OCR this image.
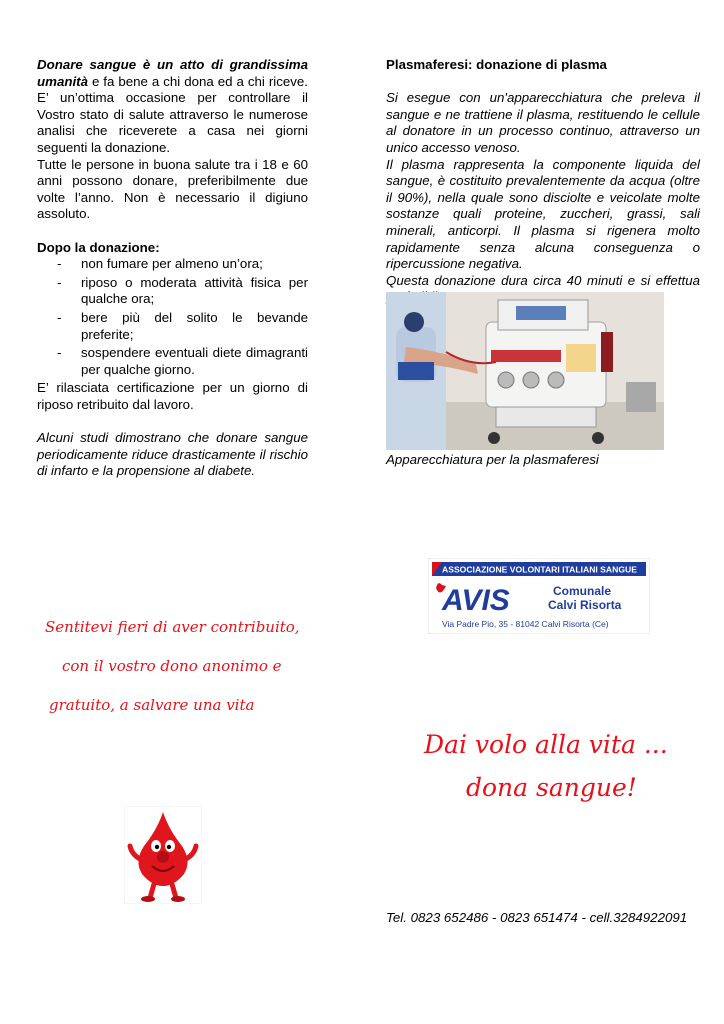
Donare sangue è un atto di grandissima umanità e fa bene a chi dona ed a chi riceve. E’ un’ottima occasione per controllare il Vostro stato di salute attraverso le numerose analisi che riceverete a casa nei giorni seguenti la donazione.

Tutte le persone in buona salute tra i 18 e 60 anni possono donare, preferibilmente due volte l’anno. Non è necessario il digiuno assoluto.

Dopo la donazione:

- non fumare per almeno un’ora;
- riposo o moderata attività fisica per qualche ora;
- bere più del solito le bevande preferite;
- sospendere eventuali diete dimagranti per qualche giorno.

E’ rilasciata certificazione per un giorno di riposo retribuito dal lavoro.

Alcuni studi dimostrano che donare sangue periodicamente riduce drasticamente il rischio di infarto e la propensione al diabete.

Plasmaferesi: donazione di plasma

Si esegue con un'apparecchiatura che preleva il sangue e ne trattiene il plasma, restituendo le cellule al donatore in un processo continuo, attraverso un unico accesso venoso.

Il plasma rappresenta la componente liquida del sangue, è costituito prevalentemente da acqua (oltre il 90%), nella quale sono disciolte e veicolate molte sostanze quali proteine, zuccheri, grassi, sali minerali, anticorpi. Il plasma si rigenera molto rapidamente senza alcuna conseguenza o ripercussione negativa.

Questa donazione dura circa 40 minuti e si effettua

Apparecchiatura per la plasmaferesi
ASSOCIAZIONE VOLONTARI ITALIANI SANGUE
AVIS	Comunale
Calvi Risorta
Via Padre Pio, 35 - 81042 Calvi Risorta (Ce)
Sentitevi fieri di aver contribuito,
con il vostro dono anonimo e
gratuito, a salvare una vita
Dai volo alla vita ...
dona sangue!
Tel. 0823 652486 - 0823 651474 - cell.3284922091
